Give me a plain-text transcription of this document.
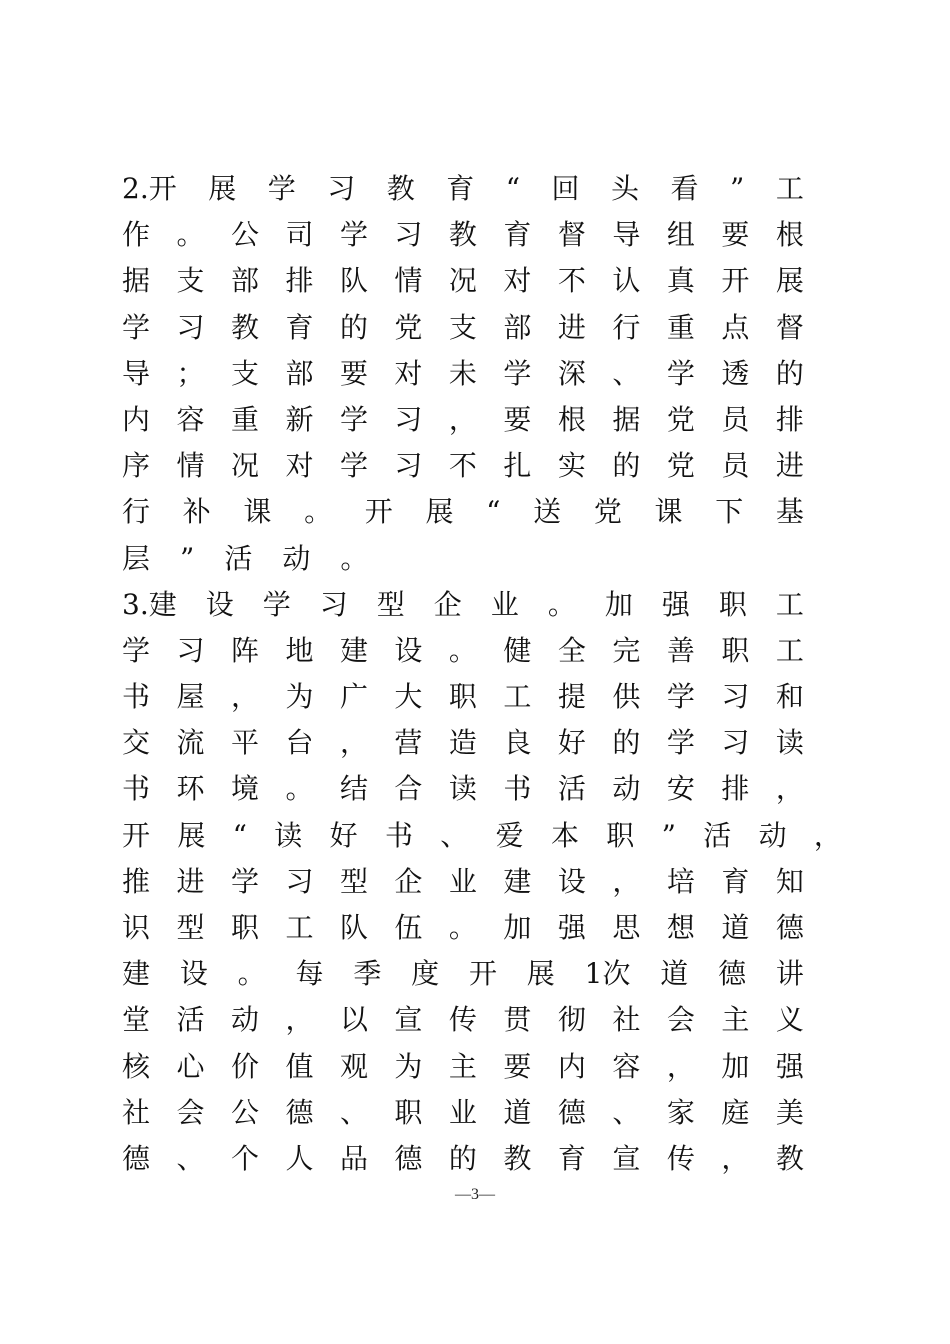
2.开 展 学 习 教 育 “ 回 头 看 ” 工
作 。 公 司 学 习 教 育 督 导 组 要 根
据 支 部 排 队 情 况 对 不 认 真 开 展
学 习 教 育 的 党 支 部 进 行 重 点 督
导 ； 支 部 要 对 未 学 深 、 学 透 的
内 容 重 新 学 习 ， 要 根 据 党 员 排
序 情 况 对 学 习 不 扎 实 的 党 员 进
行 补 课 。 开 展 “ 送 党 课 下 基
层 ” 活 动 。
3.建 设 学 习 型 企 业 。 加 强 职 工
学 习 阵 地 建 设 。 健 全 完 善 职 工
书 屋 ， 为 广 大 职 工 提 供 学 习 和
交 流 平 台 ， 营 造 良 好 的 学 习 读
书 环 境 。 结 合 读 书 活 动 安 排 ，
开 展 “ 读 好 书 、 爱 本 职 ” 活 动 ，
推 进 学 习 型 企 业 建 设 ， 培 育 知
识 型 职 工 队 伍 。 加 强 思 想 道 德
建 设 。 每 季 度 开 展 1次 道 德 讲
堂 活 动 ， 以 宣 传 贯 彻 社 会 主 义
核 心 价 值 观 为 主 要 内 容 ， 加 强
社 会 公 德 、 职 业 道 德 、 家 庭 美
德 、 个 人 品 德 的 教 育 宣 传 ， 教
—3—
